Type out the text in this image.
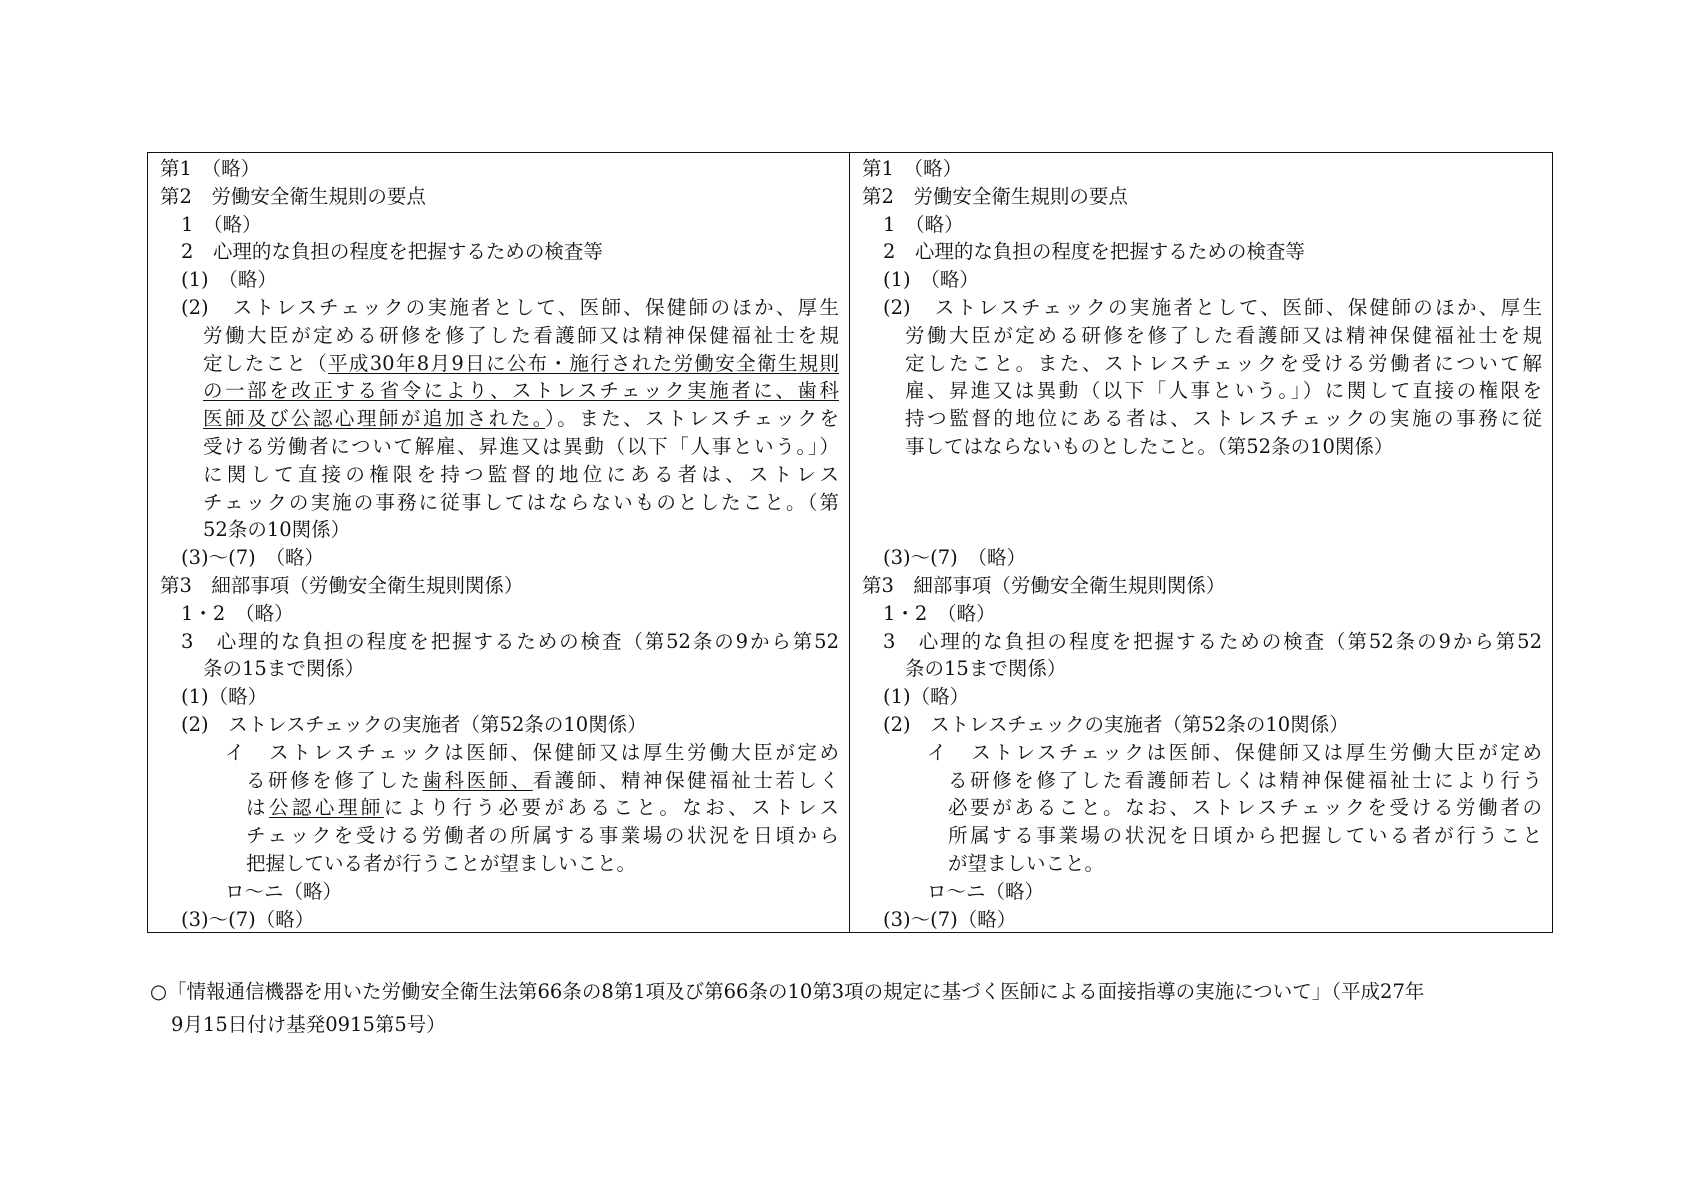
第1　（略）
第2　労働安全衛生規則の要点
1　（略）
2　心理的な負担の程度を把握するための検査等
(1)　（略）
(2)　ストレスチェックの実施者として、医師、保健師のほか、厚生
労働大臣が定める研修を修了した看護師又は精神保健福祉士を規
定したこと（平成30年8月9日に公布・施行された労働安全衛生規則
の一部を改正する省令により、ストレスチェック実施者に、歯科
医師及び公認心理師が追加された。）。また、ストレスチェックを
受ける労働者について解雇、昇進又は異動（以下「人事という。」）
に関して直接の権限を持つ監督的地位にある者は、ストレス
チェックの実施の事務に従事してはならないものとしたこと。（第
52条の10関係）
(3)～(7)　（略）
第3　細部事項（労働安全衛生規則関係）
1・2　（略）
3　心理的な負担の程度を把握するための検査（第52条の9から第52
条の15まで関係）
(1)（略）
(2)　ストレスチェックの実施者（第52条の10関係）
イ　ストレスチェックは医師、保健師又は厚生労働大臣が定め
る研修を修了した歯科医師、看護師、精神保健福祉士若しく
は公認心理師により行う必要があること。なお、ストレス
チェックを受ける労働者の所属する事業場の状況を日頃から
把握している者が行うことが望ましいこと。
ロ～ニ（略）
(3)～(7)（略）
第1　（略）
第2　労働安全衛生規則の要点
1　（略）
2　心理的な負担の程度を把握するための検査等
(1)　（略）
(2)　ストレスチェックの実施者として、医師、保健師のほか、厚生
労働大臣が定める研修を修了した看護師又は精神保健福祉士を規
定したこと。また、ストレスチェックを受ける労働者について解
雇、昇進又は異動（以下「人事という。」）に関して直接の権限を
持つ監督的地位にある者は、ストレスチェックの実施の事務に従
事してはならないものとしたこと。（第52条の10関係）
(3)～(7)　（略）
第3　細部事項（労働安全衛生規則関係）
1・2　（略）
3　心理的な負担の程度を把握するための検査（第52条の9から第52
条の15まで関係）
(1)（略）
(2)　ストレスチェックの実施者（第52条の10関係）
イ　ストレスチェックは医師、保健師又は厚生労働大臣が定め
る研修を修了した看護師若しくは精神保健福祉士により行う
必要があること。なお、ストレスチェックを受ける労働者の
所属する事業場の状況を日頃から把握している者が行うこと
が望ましいこと。
ロ～ニ（略）
(3)～(7)（略）
○「情報通信機器を用いた労働安全衛生法第66条の8第1項及び第66条の10第3項の規定に基づく医師による面接指導の実施について」（平成27年
9月15日付け基発0915第5号）
